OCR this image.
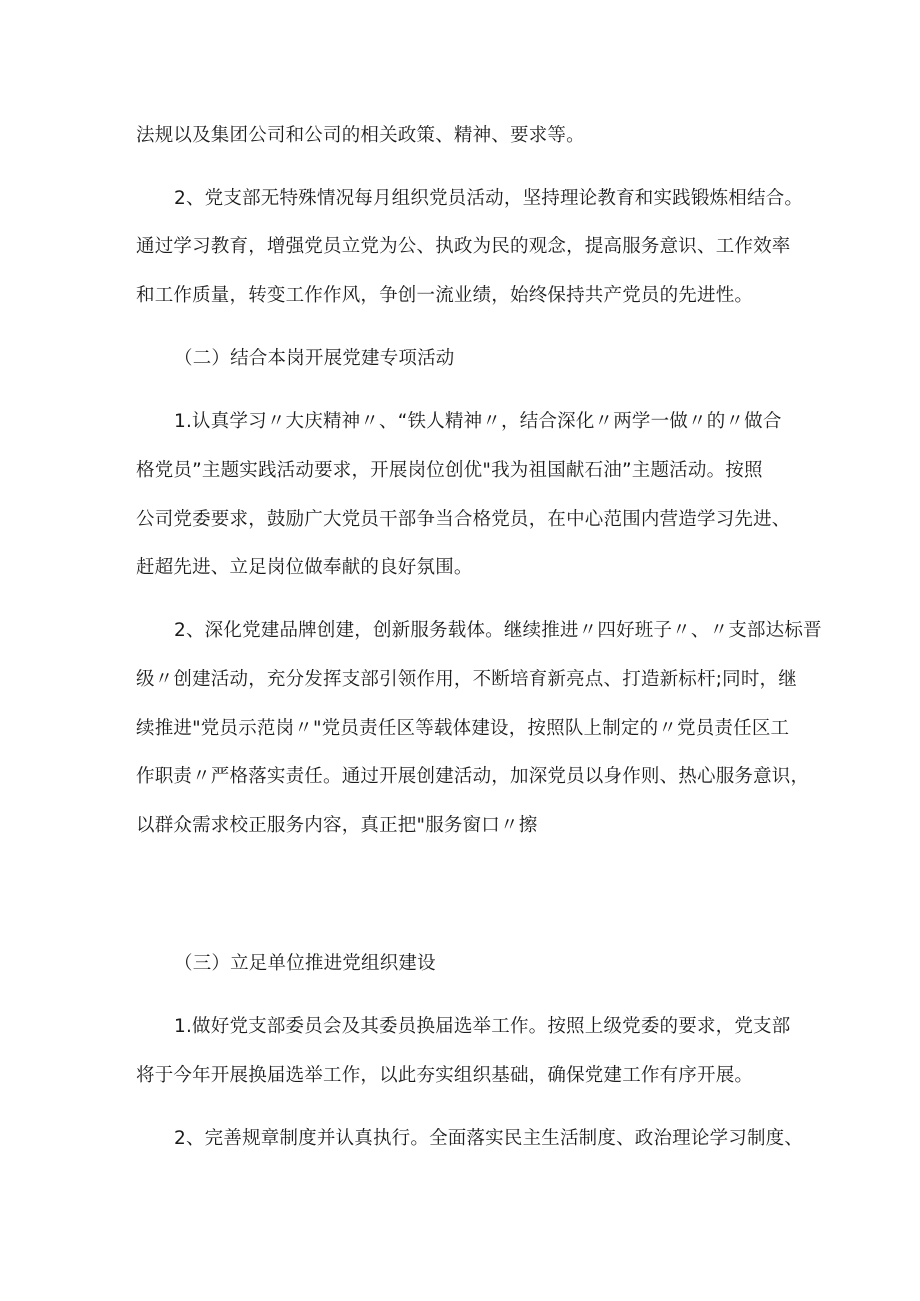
法规以及集团公司和公司的相关政策、精神、要求等。
2、党支部无特殊情况每月组织党员活动，坚持理论教育和实践锻炼相结合。
通过学习教育，增强党员立党为公、执政为民的观念，提高服务意识、工作效率
和工作质量，转变工作作风，争创一流业绩，始终保持共产党员的先进性。
（二）结合本岗开展党建专项活动
1.认真学习〃大庆精神〃、“铁人精神〃，结合深化〃两学一做〃的〃做合
格党员”主题实践活动要求，开展岗位创优"我为祖国献石油”主题活动。按照
公司党委要求，鼓励广大党员干部争当合格党员，在中心范围内营造学习先进、
赶超先进、立足岗位做奉献的良好氛围。
2、深化党建品牌创建，创新服务载体。继续推进〃四好班子〃、〃支部达标晋
级〃创建活动，充分发挥支部引领作用，不断培育新亮点、打造新标杆;同时，继
续推进"党员示范岗〃"党员责任区等载体建设，按照队上制定的〃党员责任区工
作职责〃严格落实责任。通过开展创建活动，加深党员以身作则、热心服务意识，
以群众需求校正服务内容，真正把"服务窗口〃擦
（三）立足单位推进党组织建设
1.做好党支部委员会及其委员换届选举工作。按照上级党委的要求，党支部
将于今年开展换届选举工作，以此夯实组织基础，确保党建工作有序开展。
2、完善规章制度并认真执行。全面落实民主生活制度、政治理论学习制度、
